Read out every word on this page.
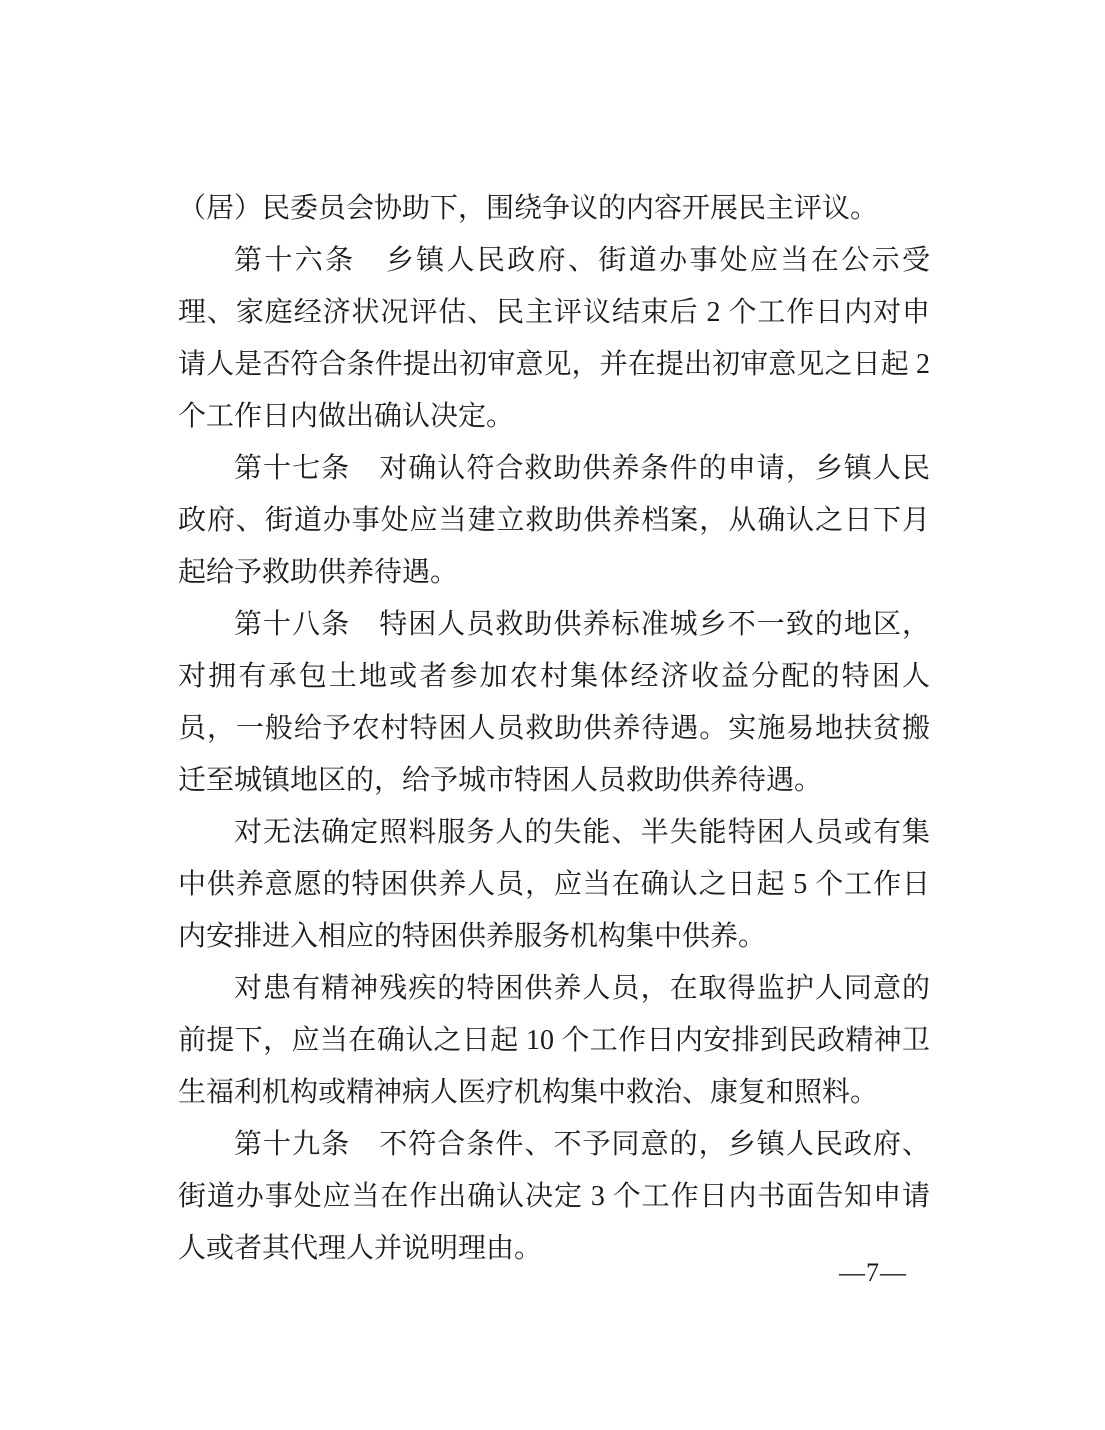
（居）民委员会协助下，围绕争议的内容开展民主评议。

第十六条　乡镇人民政府、街道办事处应当在公示受理、家庭经济状况评估、民主评议结束后 2 个工作日内对申请人是否符合条件提出初审意见，并在提出初审意见之日起 2 个工作日内做出确认决定。

第十七条　对确认符合救助供养条件的申请，乡镇人民政府、街道办事处应当建立救助供养档案，从确认之日下月起给予救助供养待遇。

第十八条　特困人员救助供养标准城乡不一致的地区，对拥有承包土地或者参加农村集体经济收益分配的特困人员，一般给予农村特困人员救助供养待遇。实施易地扶贫搬迁至城镇地区的，给予城市特困人员救助供养待遇。

对无法确定照料服务人的失能、半失能特困人员或有集中供养意愿的特困供养人员，应当在确认之日起 5 个工作日内安排进入相应的特困供养服务机构集中供养。

对患有精神残疾的特困供养人员，在取得监护人同意的前提下，应当在确认之日起 10 个工作日内安排到民政精神卫生福利机构或精神病人医疗机构集中救治、康复和照料。

第十九条　不符合条件、不予同意的，乡镇人民政府、街道办事处应当在作出确认决定 3 个工作日内书面告知申请人或者其代理人并说明理由。

—7—
